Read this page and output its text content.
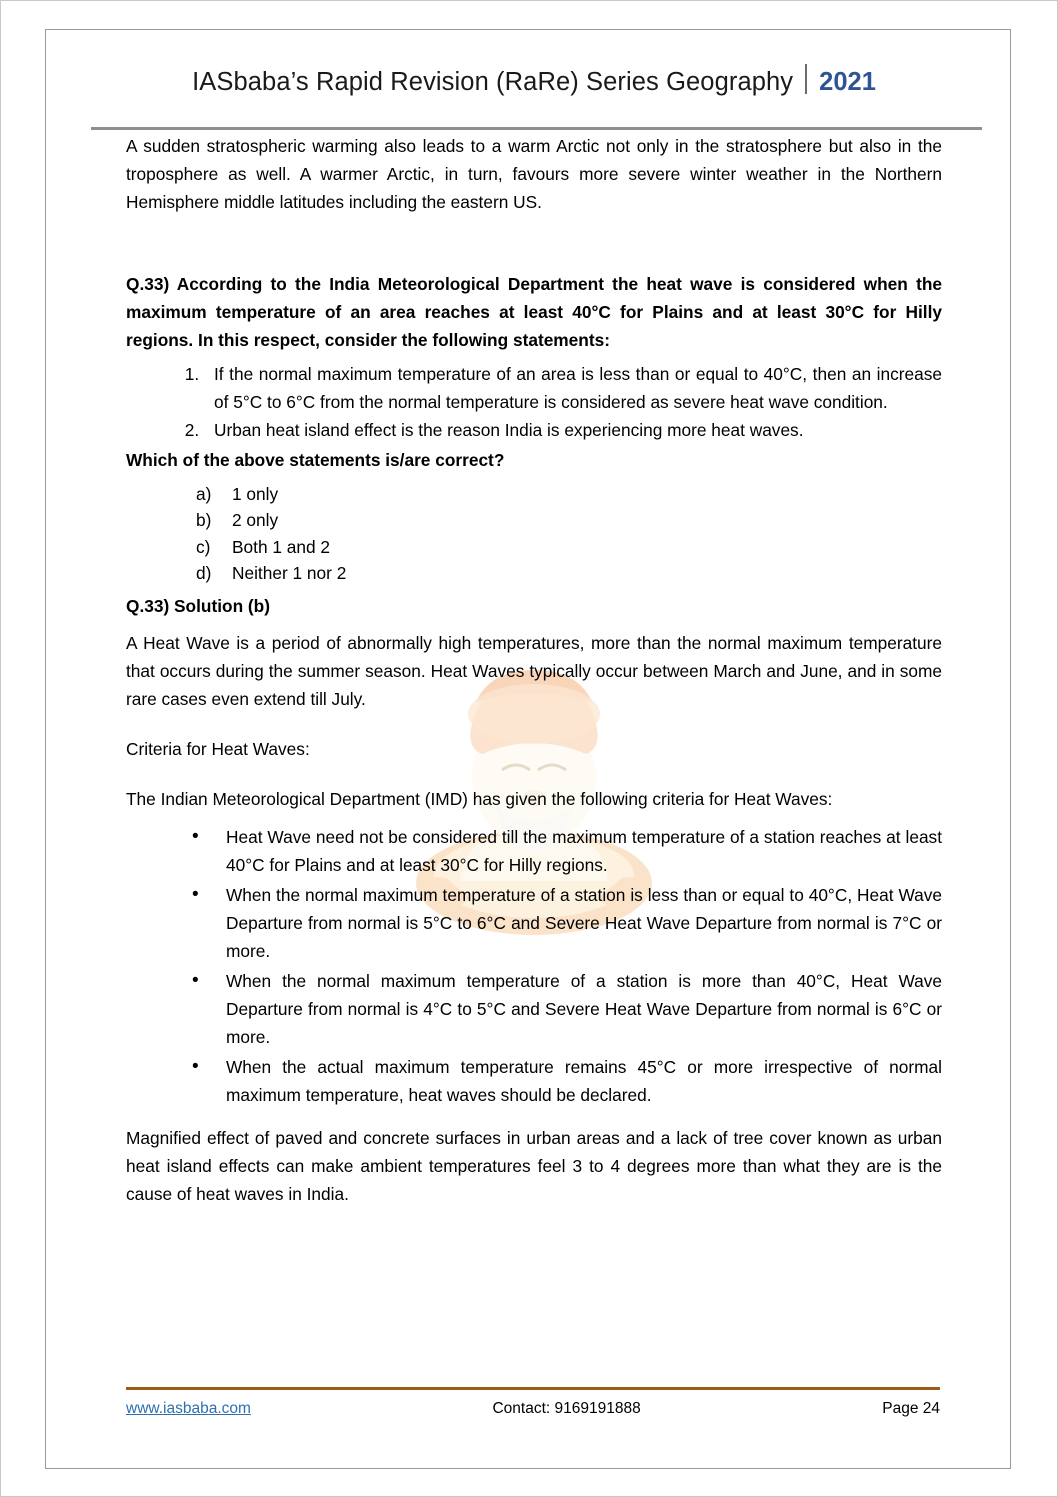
IASbaba’s Rapid Revision (RaRe) Series Geography 2021

A sudden stratospheric warming also leads to a warm Arctic not only in the stratosphere but also in the troposphere as well. A warmer Arctic, in turn, favours more severe winter weather in the Northern Hemisphere middle latitudes including the eastern US.

Q.33) According to the India Meteorological Department the heat wave is considered when the maximum temperature of an area reaches at least 40°C for Plains and at least 30°C for Hilly regions. In this respect, consider the following statements:

1. If the normal maximum temperature of an area is less than or equal to 40°C, then an increase of 5°C to 6°C from the normal temperature is considered as severe heat wave condition.
2. Urban heat island effect is the reason India is experiencing more heat waves.

Which of the above statements is/are correct?

a) 1 only
b) 2 only
c) Both 1 and 2
d) Neither 1 nor 2

Q.33) Solution (b)

A Heat Wave is a period of abnormally high temperatures, more than the normal maximum temperature that occurs during the summer season. Heat Waves typically occur between March and June, and in some rare cases even extend till July.

Criteria for Heat Waves:

The Indian Meteorological Department (IMD) has given the following criteria for Heat Waves:

• Heat Wave need not be considered till the maximum temperature of a station reaches at least 40°C for Plains and at least 30°C for Hilly regions.
• When the normal maximum temperature of a station is less than or equal to 40°C, Heat Wave Departure from normal is 5°C to 6°C and Severe Heat Wave Departure from normal is 7°C or more.
• When the normal maximum temperature of a station is more than 40°C, Heat Wave Departure from normal is 4°C to 5°C and Severe Heat Wave Departure from normal is 6°C or more.
• When the actual maximum temperature remains 45°C or more irrespective of normal maximum temperature, heat waves should be declared.

Magnified effect of paved and concrete surfaces in urban areas and a lack of tree cover known as urban heat island effects can make ambient temperatures feel 3 to 4 degrees more than what they are is the cause of heat waves in India.

www.iasbaba.com	Contact: 9169191888	Page 24
